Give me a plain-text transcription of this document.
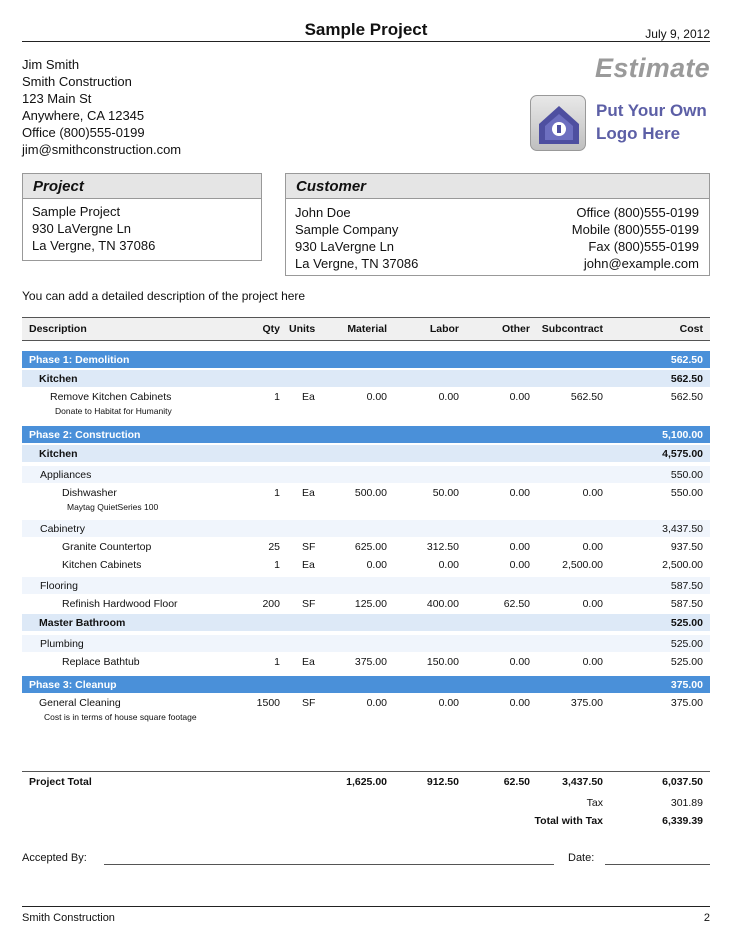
Sample Project	July 9, 2012
Jim Smith
Smith Construction
123 Main St
Anywhere, CA 12345
Office (800)555-0199
jim@smithconstruction.com
Estimate
Put Your Own
Logo Here
Project
Sample Project
930 LaVergne Ln
La Vergne, TN 37086
Customer
John Doe
Sample Company
930 LaVergne Ln
La Vergne, TN 37086
Office (800)555-0199
Mobile (800)555-0199
Fax (800)555-0199
john@example.com
You can add a detailed description of the project here
Description	Qty Units	Material	Labor	Other Subcontract	Cost
Phase 1: Demolition	562.50
Kitchen	562.50
Remove Kitchen Cabinets	1 Ea	0.00	0.00	0.00	562.50	562.50
Donate to Habitat for Humanity
Phase 2: Construction	5,100.00
Kitchen	4,575.00
Appliances	550.00
Dishwasher	1 Ea	500.00	50.00	0.00	0.00	550.00
Maytag QuietSeries 100
Cabinetry	3,437.50
Granite Countertop	25 SF	625.00	312.50	0.00	0.00	937.50
Kitchen Cabinets	1 Ea	0.00	0.00	0.00	2,500.00	2,500.00
Flooring	587.50
Refinish Hardwood Floor	200 SF	125.00	400.00	62.50	0.00	587.50
Master Bathroom	525.00
Plumbing	525.00
Replace Bathtub	1 Ea	375.00	150.00	0.00	0.00	525.00
Phase 3: Cleanup	375.00
General Cleaning	1500 SF	0.00	0.00	0.00	375.00	375.00
Cost is in terms of house square footage
Project Total	1,625.00	912.50	62.50	3,437.50	6,037.50
Tax	301.89
Total with Tax	6,339.39
Accepted By:	Date:
Smith Construction	2
